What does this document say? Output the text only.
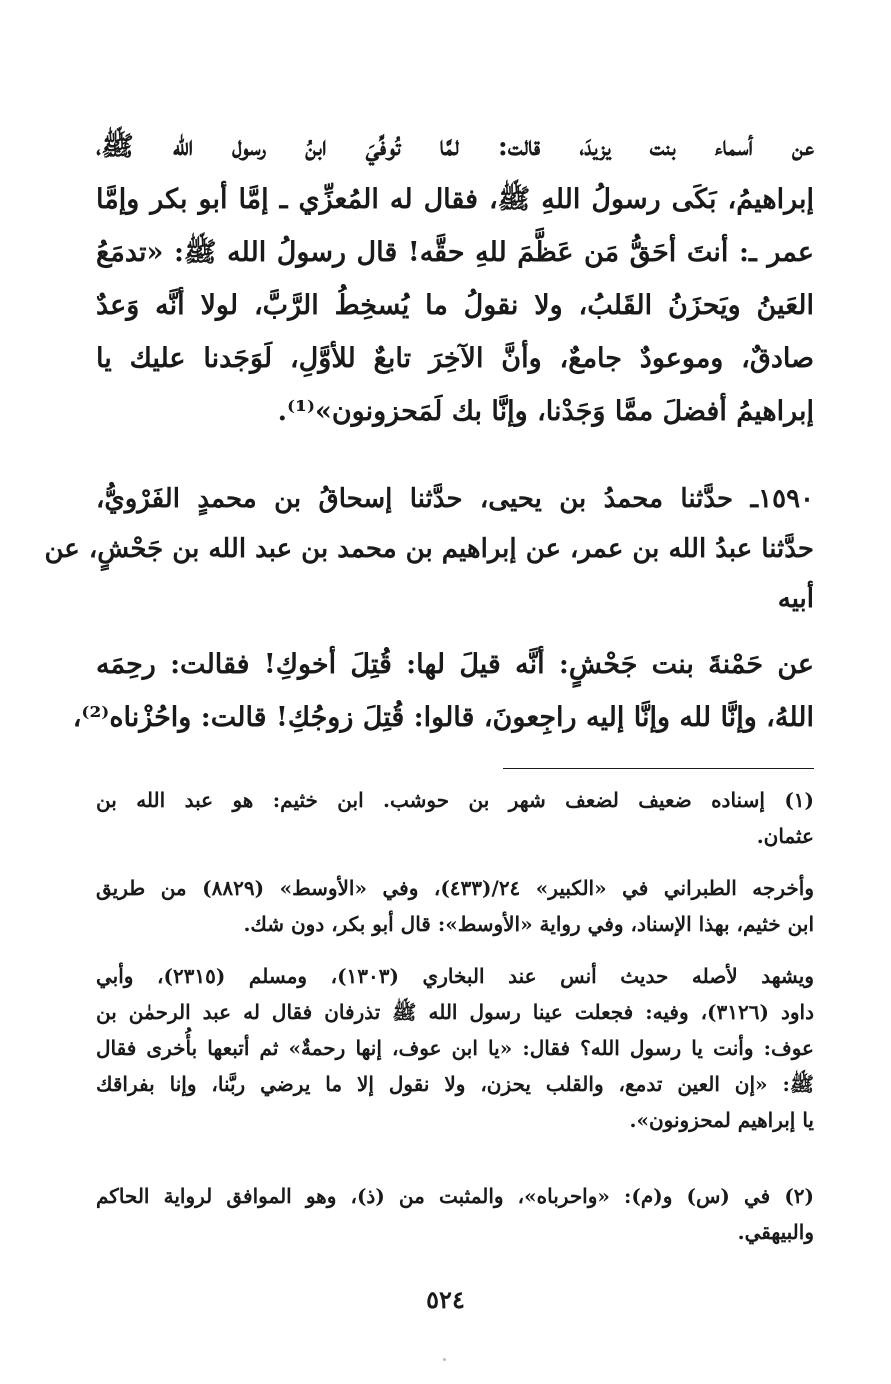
عن أسماء بنت يزيدَ، قالت: لمَّا تُوفِّيَ ابنُ رسول الله ﷺ،
إبراهيمُ، بَكَى رسولُ اللهِ ﷺ، فقال له المُعزِّي ـ إمَّا أبو بكر وإمَّا
عمر ـ: أنتَ أحَقُّ مَن عَظَّمَ للهِ حقَّه! قال رسولُ الله ﷺ: «تدمَعُ
العَينُ ويَحزَنُ القَلبُ، ولا نقولُ ما يُسخِطُ الرَّبَّ، لولا أنَّه وَعدٌ
صادقٌ، وموعودٌ جامعٌ، وأنَّ الآخِرَ تابعٌ للأوَّلِ، لَوَجَدنا عليك يا
إبراهيمُ أفضلَ ممَّا وَجَدْنا، وإنَّا بك لَمَحزونون»⁽¹⁾.
١٥٩٠ـ حدَّثنا محمدُ بن يحيى، حدَّثنا إسحاقُ بن محمدٍ الفَرْويُّ،
حدَّثنا عبدُ الله بن عمر، عن إبراهيم بن محمد بن عبد الله بن جَحْشٍ، عن
أبيه
عن حَمْنةَ بنت جَحْشٍ: أنَّه قيلَ لها: قُتِلَ أخوكِ! فقالت: رحِمَه
اللهُ، وإنَّا لله وإنَّا إليه راجِعونَ، قالوا: قُتِلَ زوجُكِ! قالت: واحُزْناه⁽²⁾،
(١) إسناده ضعيف لضعف شهر بن حوشب. ابن خثيم: هو عبد الله بن
عثمان.
وأخرجه الطبراني في «الكبير» ٢٤/(٤٣٣)، وفي «الأوسط» (٨٨٢٩) من طريق
ابن خثيم، بهذا الإسناد، وفي رواية «الأوسط»: قال أبو بكر، دون شك.
ويشهد لأصله حديث أنس عند البخاري (١٣٠٣)، ومسلم (٢٣١٥)، وأبي
داود (٣١٢٦)، وفيه: فجعلت عينا رسول الله ﷺ تذرفان فقال له عبد الرحمٰن بن
عوف: وأنت يا رسول الله؟ فقال: «يا ابن عوف، إنها رحمةٌ» ثم أتبعها بأُخرى فقال
ﷺ: «إن العين تدمع، والقلب يحزن، ولا نقول إلا ما يرضي ربَّنا، وإنا بفراقك
يا إبراهيم لمحزونون».
(٢) في (س) و(م): «واحرباه»، والمثبت من (ذ)، وهو الموافق لرواية الحاكم
والبيهقي.
٥٢٤
